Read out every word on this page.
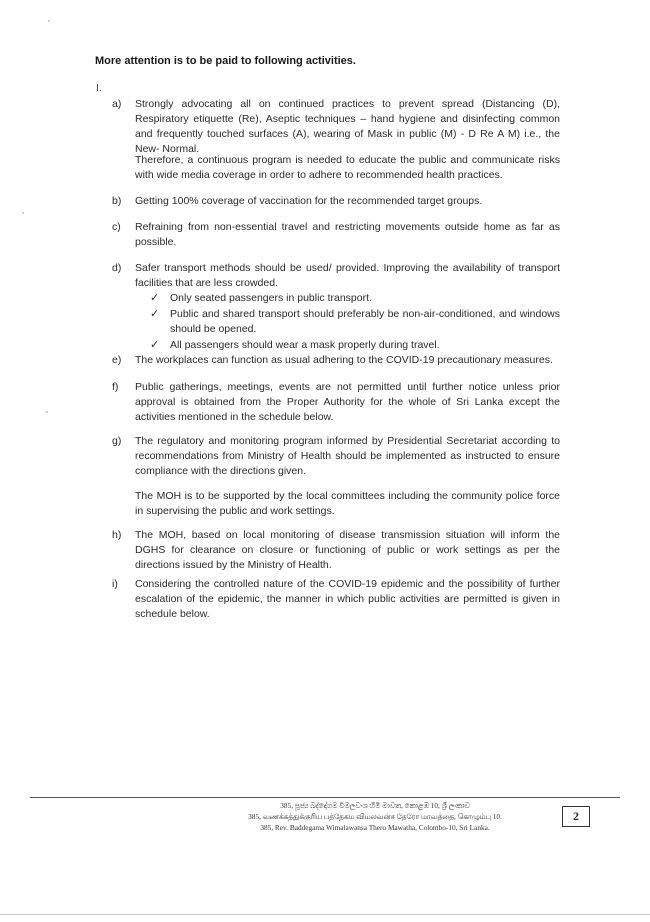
More attention is to be paid to following activities.
I.
a)	Strongly advocating all on continued practices to prevent spread (Distancing (D), Respiratory etiquette (Re), Aseptic techniques – hand hygiene and disinfecting common and frequently touched surfaces (A), wearing of Mask in public (M) - D Re A M) i.e., the New- Normal.
Therefore, a continuous program is needed to educate the public and communicate risks with wide media coverage in order to adhere to recommended health practices.
b)	Getting 100% coverage of vaccination for the recommended target groups.
c)	Refraining from non-essential travel and restricting movements outside home as far as possible.
d)	Safer transport methods should be used/ provided. Improving the availability of transport facilities that are less crowded.
✓ Only seated passengers in public transport.
✓ Public and shared transport should preferably be non-air-conditioned, and windows should be opened.
✓ All passengers should wear a mask properly during travel.
e)	The workplaces can function as usual adhering to the COVID-19 precautionary measures.
f)	Public gatherings, meetings, events are not permitted until further notice unless prior approval is obtained from the Proper Authority for the whole of Sri Lanka except the activities mentioned in the schedule below.
g)	The regulatory and monitoring program informed by Presidential Secretariat according to recommendations from Ministry of Health should be implemented as instructed to ensure compliance with the directions given.
The MOH is to be supported by the local committees including the community police force in supervising the public and work settings.
h)	The MOH, based on local monitoring of disease transmission situation will inform the DGHS for clearance on closure or functioning of public or work settings as per the directions issued by the Ministry of Health.
i)	Considering the controlled nature of the COVID-19 epidemic and the possibility of further escalation of the epidemic, the manner in which public activities are permitted is given in schedule below.
385, පූජ්‍ය බද්දේගම විමලවංශ හිමි මාවත, කොළඹ 10, ශ්‍රී ලංකාව
385, வணக்கத்துக்குரிய பத்தேகம விமலவன்ச தேரோ மாவத்தை, கொழும்பு 10.
385, Rev. Baddegama Wimalawansa Thero Mawatha, Colombo-10, Sri Lanka.
2
